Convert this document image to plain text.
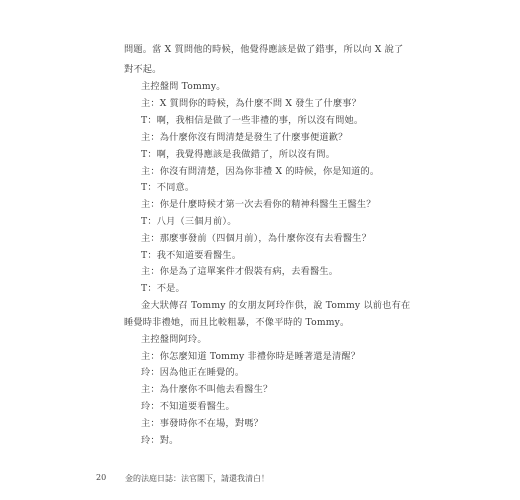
問題。當 X 質問他的時候，他覺得應該是做了錯事，所以向 X 說了
對不起。
主控盤問 Tommy。
主：X 質問你的時候，為什麼不問 X 發生了什麼事？
T：啊，我相信是做了一些非禮的事，所以沒有問她。
主：為什麼你沒有問清楚是發生了什麼事便道歉？
T：啊，我覺得應該是我做錯了，所以沒有問。
主：你沒有問清楚，因為你非禮 X 的時候，你是知道的。
T：不同意。
主：你是什麼時候才第一次去看你的精神科醫生王醫生？
T：八月（三個月前）。
主：那麼事發前（四個月前），為什麼你沒有去看醫生？
T：我不知道要看醫生。
主：你是為了這單案件才假裝有病，去看醫生。
T：不是。
金大狀傳召 Tommy 的女朋友阿玲作供，說 Tommy 以前也有在
睡覺時非禮她，而且比較粗暴，不像平時的 Tommy。
主控盤問阿玲。
主：你怎麼知道 Tommy 非禮你時是睡著還是清醒？
玲：因為他正在睡覺的。
主：為什麼你不叫他去看醫生？
玲：不知道要看醫生。
主：事發時你不在場，對嗎？
玲：對。
20 金的法庭日誌：法官閣下，請還我清白！
